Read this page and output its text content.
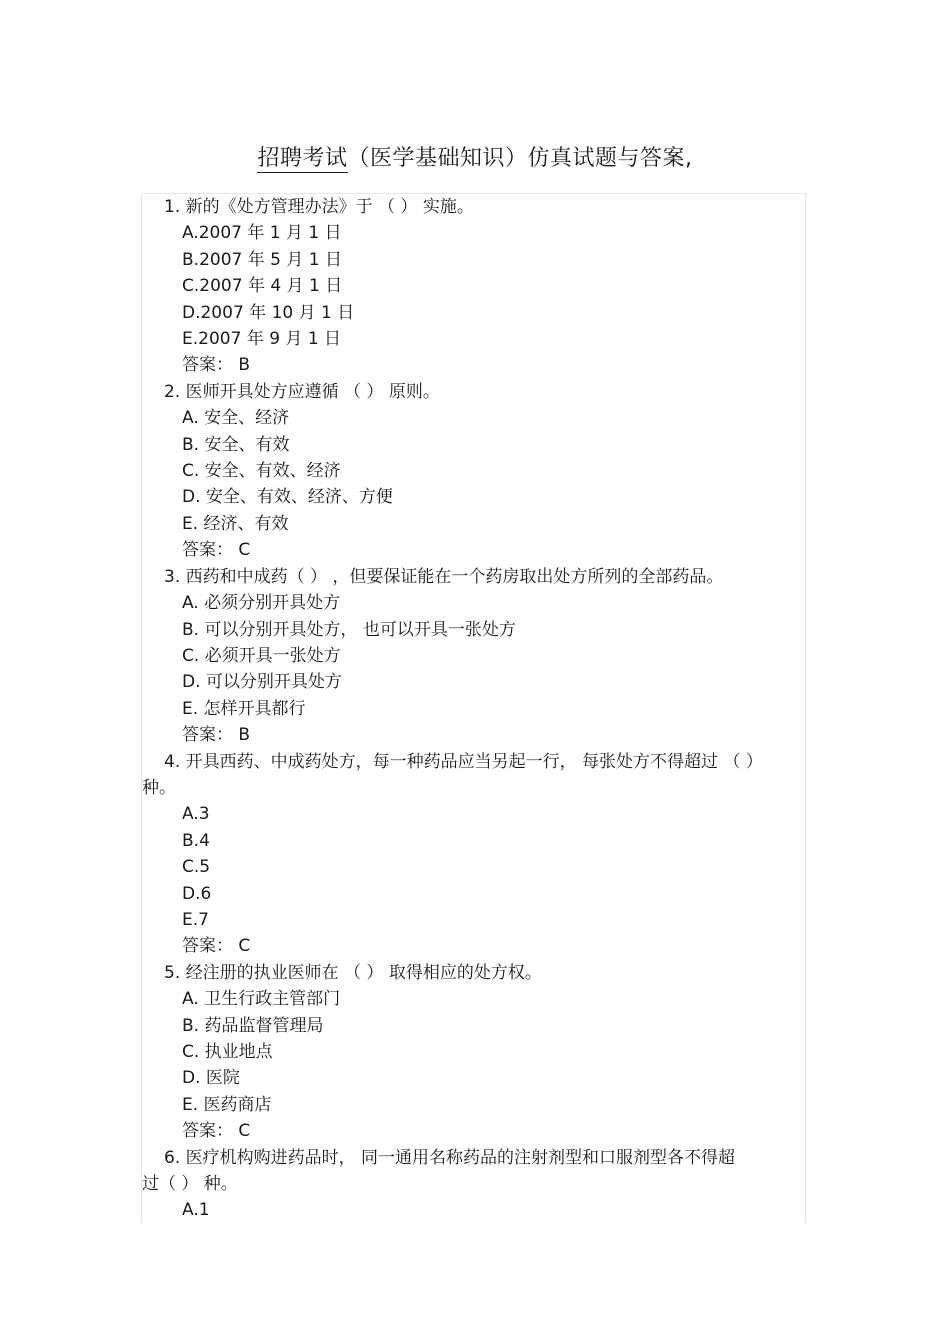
招聘考试（医学基础知识）仿真试题与答案,
1. 新的《处方管理办法》于 （ ） 实施。
A.2007 年 1 月 1 日
B.2007 年 5 月 1 日
C.2007 年 4 月 1 日
D.2007 年 10 月 1 日
E.2007 年 9 月 1 日
答案： B
2. 医师开具处方应遵循 （ ） 原则。
A. 安全、经济
B. 安全、有效
C. 安全、有效、经济
D. 安全、有效、经济、方便
E. 经济、有效
答案： C
3. 西药和中成药（ ） ，但要保证能在一个药房取出处方所列的全部药品。
A. 必须分别开具处方
B. 可以分别开具处方， 也可以开具一张处方
C. 必须开具一张处方
D. 可以分别开具处方
E. 怎样开具都行
答案： B
4. 开具西药、中成药处方，每一种药品应当另起一行， 每张处方不得超过 （ ）
种。
A.3
B.4
C.5
D.6
E.7
答案： C
5. 经注册的执业医师在 （ ） 取得相应的处方权。
A. 卫生行政主管部门
B. 药品监督管理局
C. 执业地点
D. 医院
E. 医药商店
答案： C
6. 医疗机构购进药品时， 同一通用名称药品的注射剂型和口服剂型各不得超
过（ ） 种。
A.1
